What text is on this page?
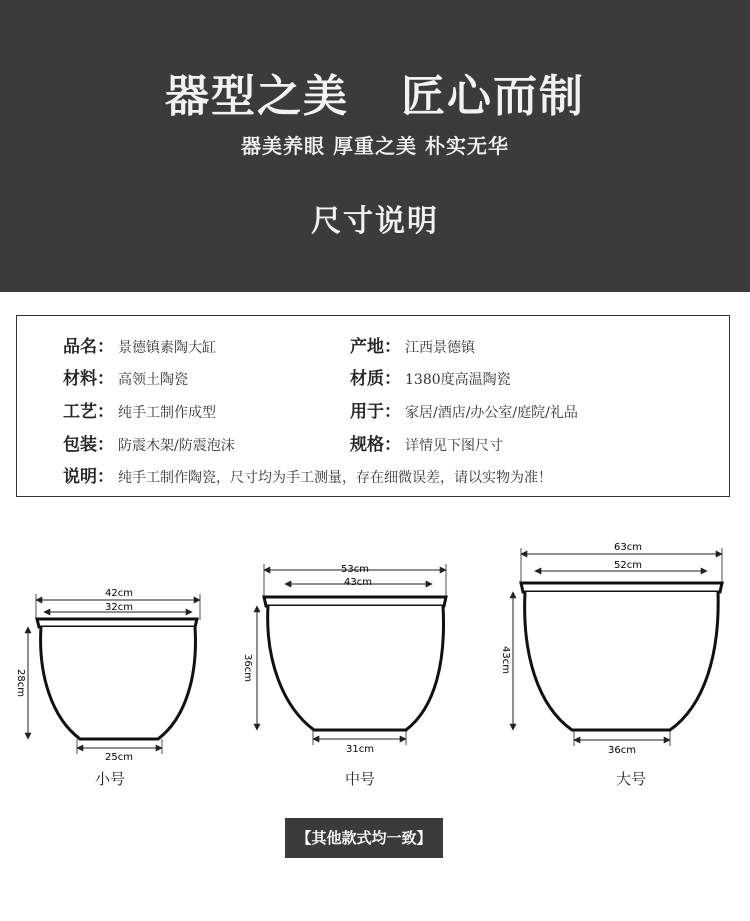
器型之美   匠心而制
器美养眼 厚重之美 朴实无华
尺寸说明
品名： 景德镇素陶大缸	产地： 江西景德镇
材料： 高领土陶瓷	材质： 1380度高温陶瓷
工艺： 纯手工制作成型	用于： 家居/酒店/办公室/庭院/礼品
包装： 防震木架/防震泡沫	规格： 详情见下图尺寸
说明： 纯手工制作陶瓷，尺寸均为手工测量，存在细微误差，请以实物为准！
42cm
32cm
28cm
25cm
53cm
43cm
36cm
31cm
63cm
52cm
43cm
36cm
小号	中号	大号
【其他款式均一致】
